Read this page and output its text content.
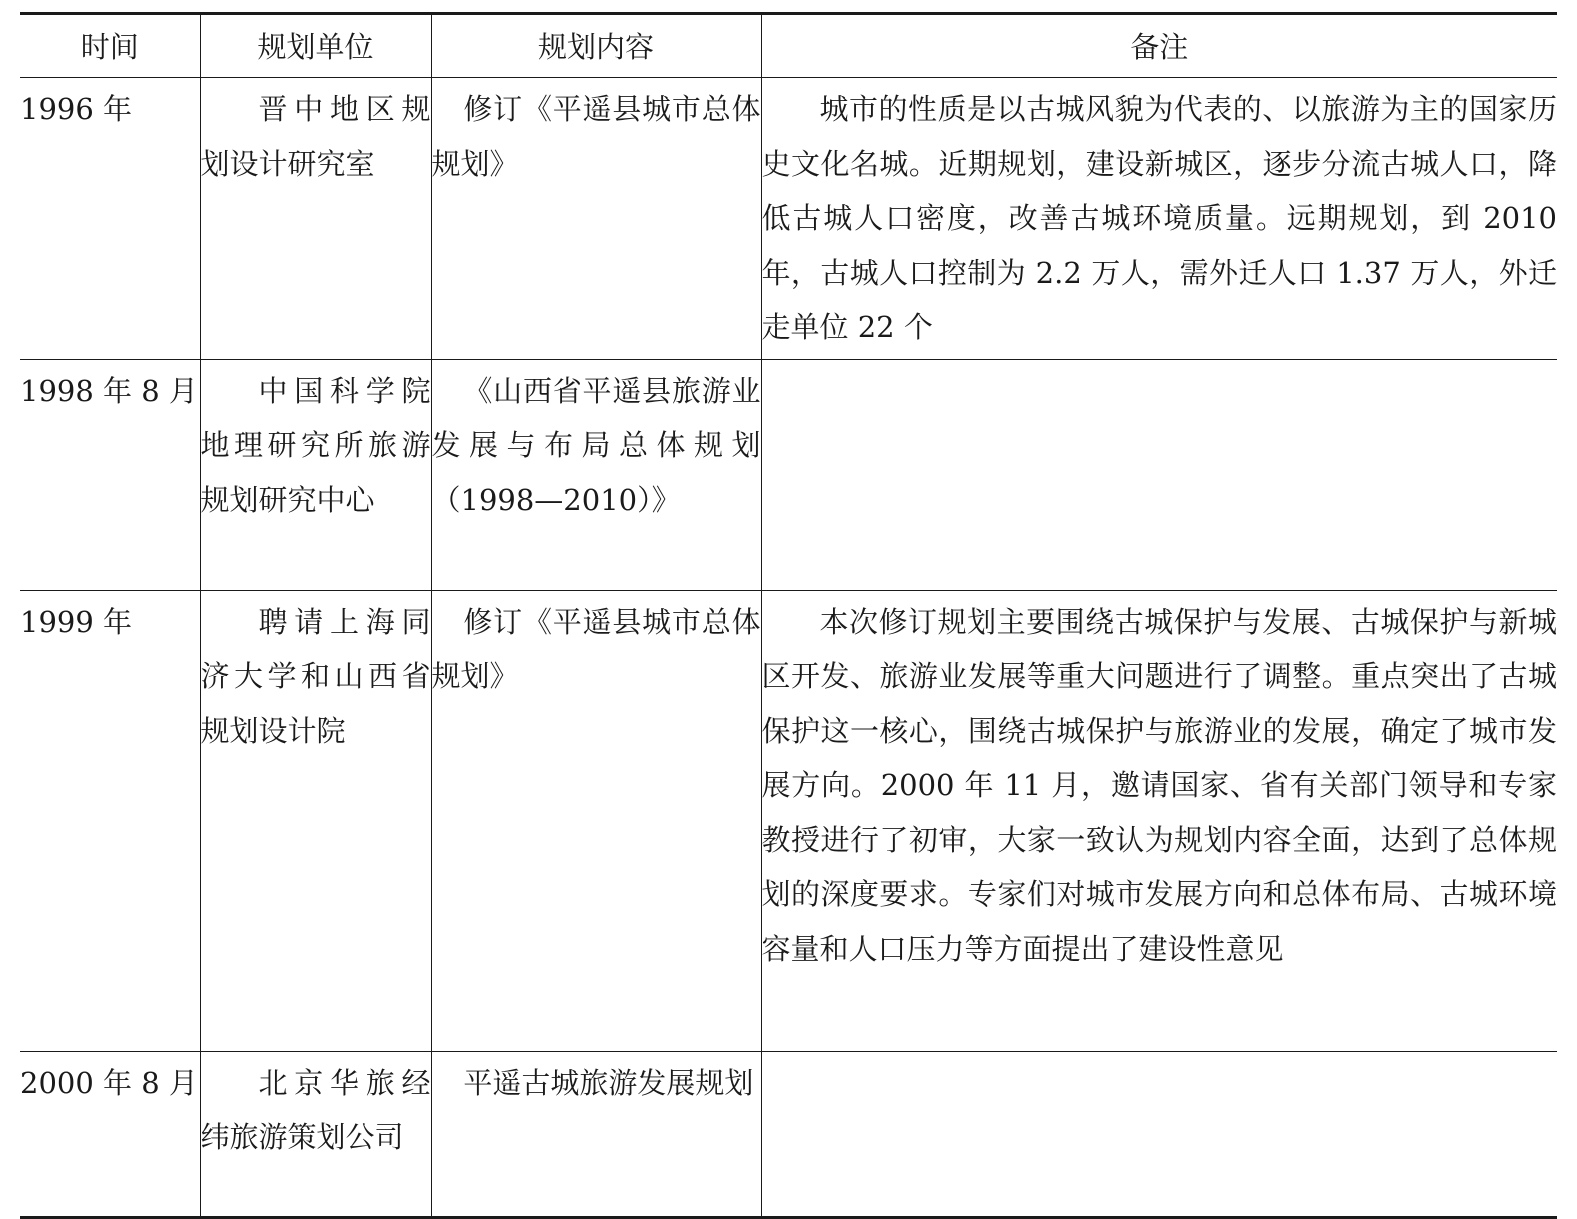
时间	规划单位	规划内容	备注
1996 年	晋中地区规划设计研究室	修订《平遥县城市总体规划》	城市的性质是以古城风貌为代表的、以旅游为主的国家历史文化名城。近期规划，建设新城区，逐步分流古城人口，降低古城人口密度，改善古城环境质量。远期规划，到 2010 年，古城人口控制为 2.2 万人，需外迁人口 1.37 万人，外迁走单位 22 个

1998 年 8 月	中国科学院地理研究所旅游规划研究中心	《山西省平遥县旅游业发展与布局总体规划（1998—2010）》	

1999 年	聘请上海同济大学和山西省规划设计院	修订《平遥县城市总体规划》	本次修订规划主要围绕古城保护与发展、古城保护与新城区开发、旅游业发展等重大问题进行了调整。重点突出了古城保护这一核心，围绕古城保护与旅游业的发展，确定了城市发展方向。2000 年 11 月，邀请国家、省有关部门领导和专家教授进行了初审，大家一致认为规划内容全面，达到了总体规划的深度要求。专家们对城市发展方向和总体布局、古城环境容量和人口压力等方面提出了建设性意见

2000 年 8 月	北京华旅经纬旅游策划公司	平遥古城旅游发展规划	
